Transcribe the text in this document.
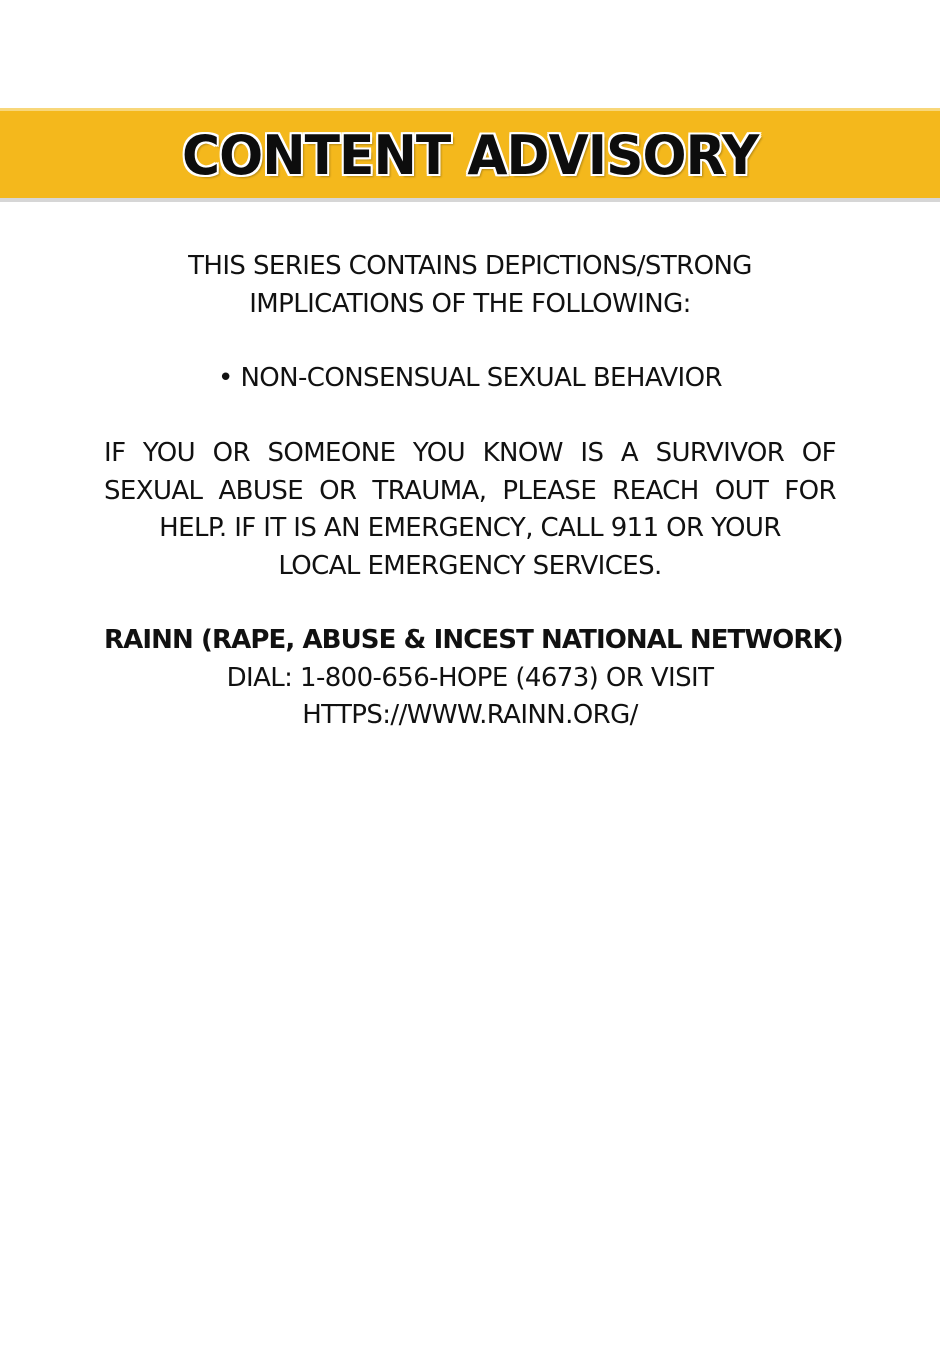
CONTENT ADVISORY
THIS SERIES CONTAINS DEPICTIONS/STRONG
IMPLICATIONS OF THE FOLLOWING:
• NON-CONSENSUAL SEXUAL BEHAVIOR
IF YOU OR SOMEONE YOU KNOW IS A SURVIVOR OF
SEXUAL ABUSE OR TRAUMA, PLEASE REACH OUT FOR
HELP. IF IT IS AN EMERGENCY, CALL 911 OR YOUR
LOCAL EMERGENCY SERVICES.
RAINN (RAPE, ABUSE & INCEST NATIONAL NETWORK)
DIAL: 1-800-656-HOPE (4673) OR VISIT
HTTPS://WWW.RAINN.ORG/
